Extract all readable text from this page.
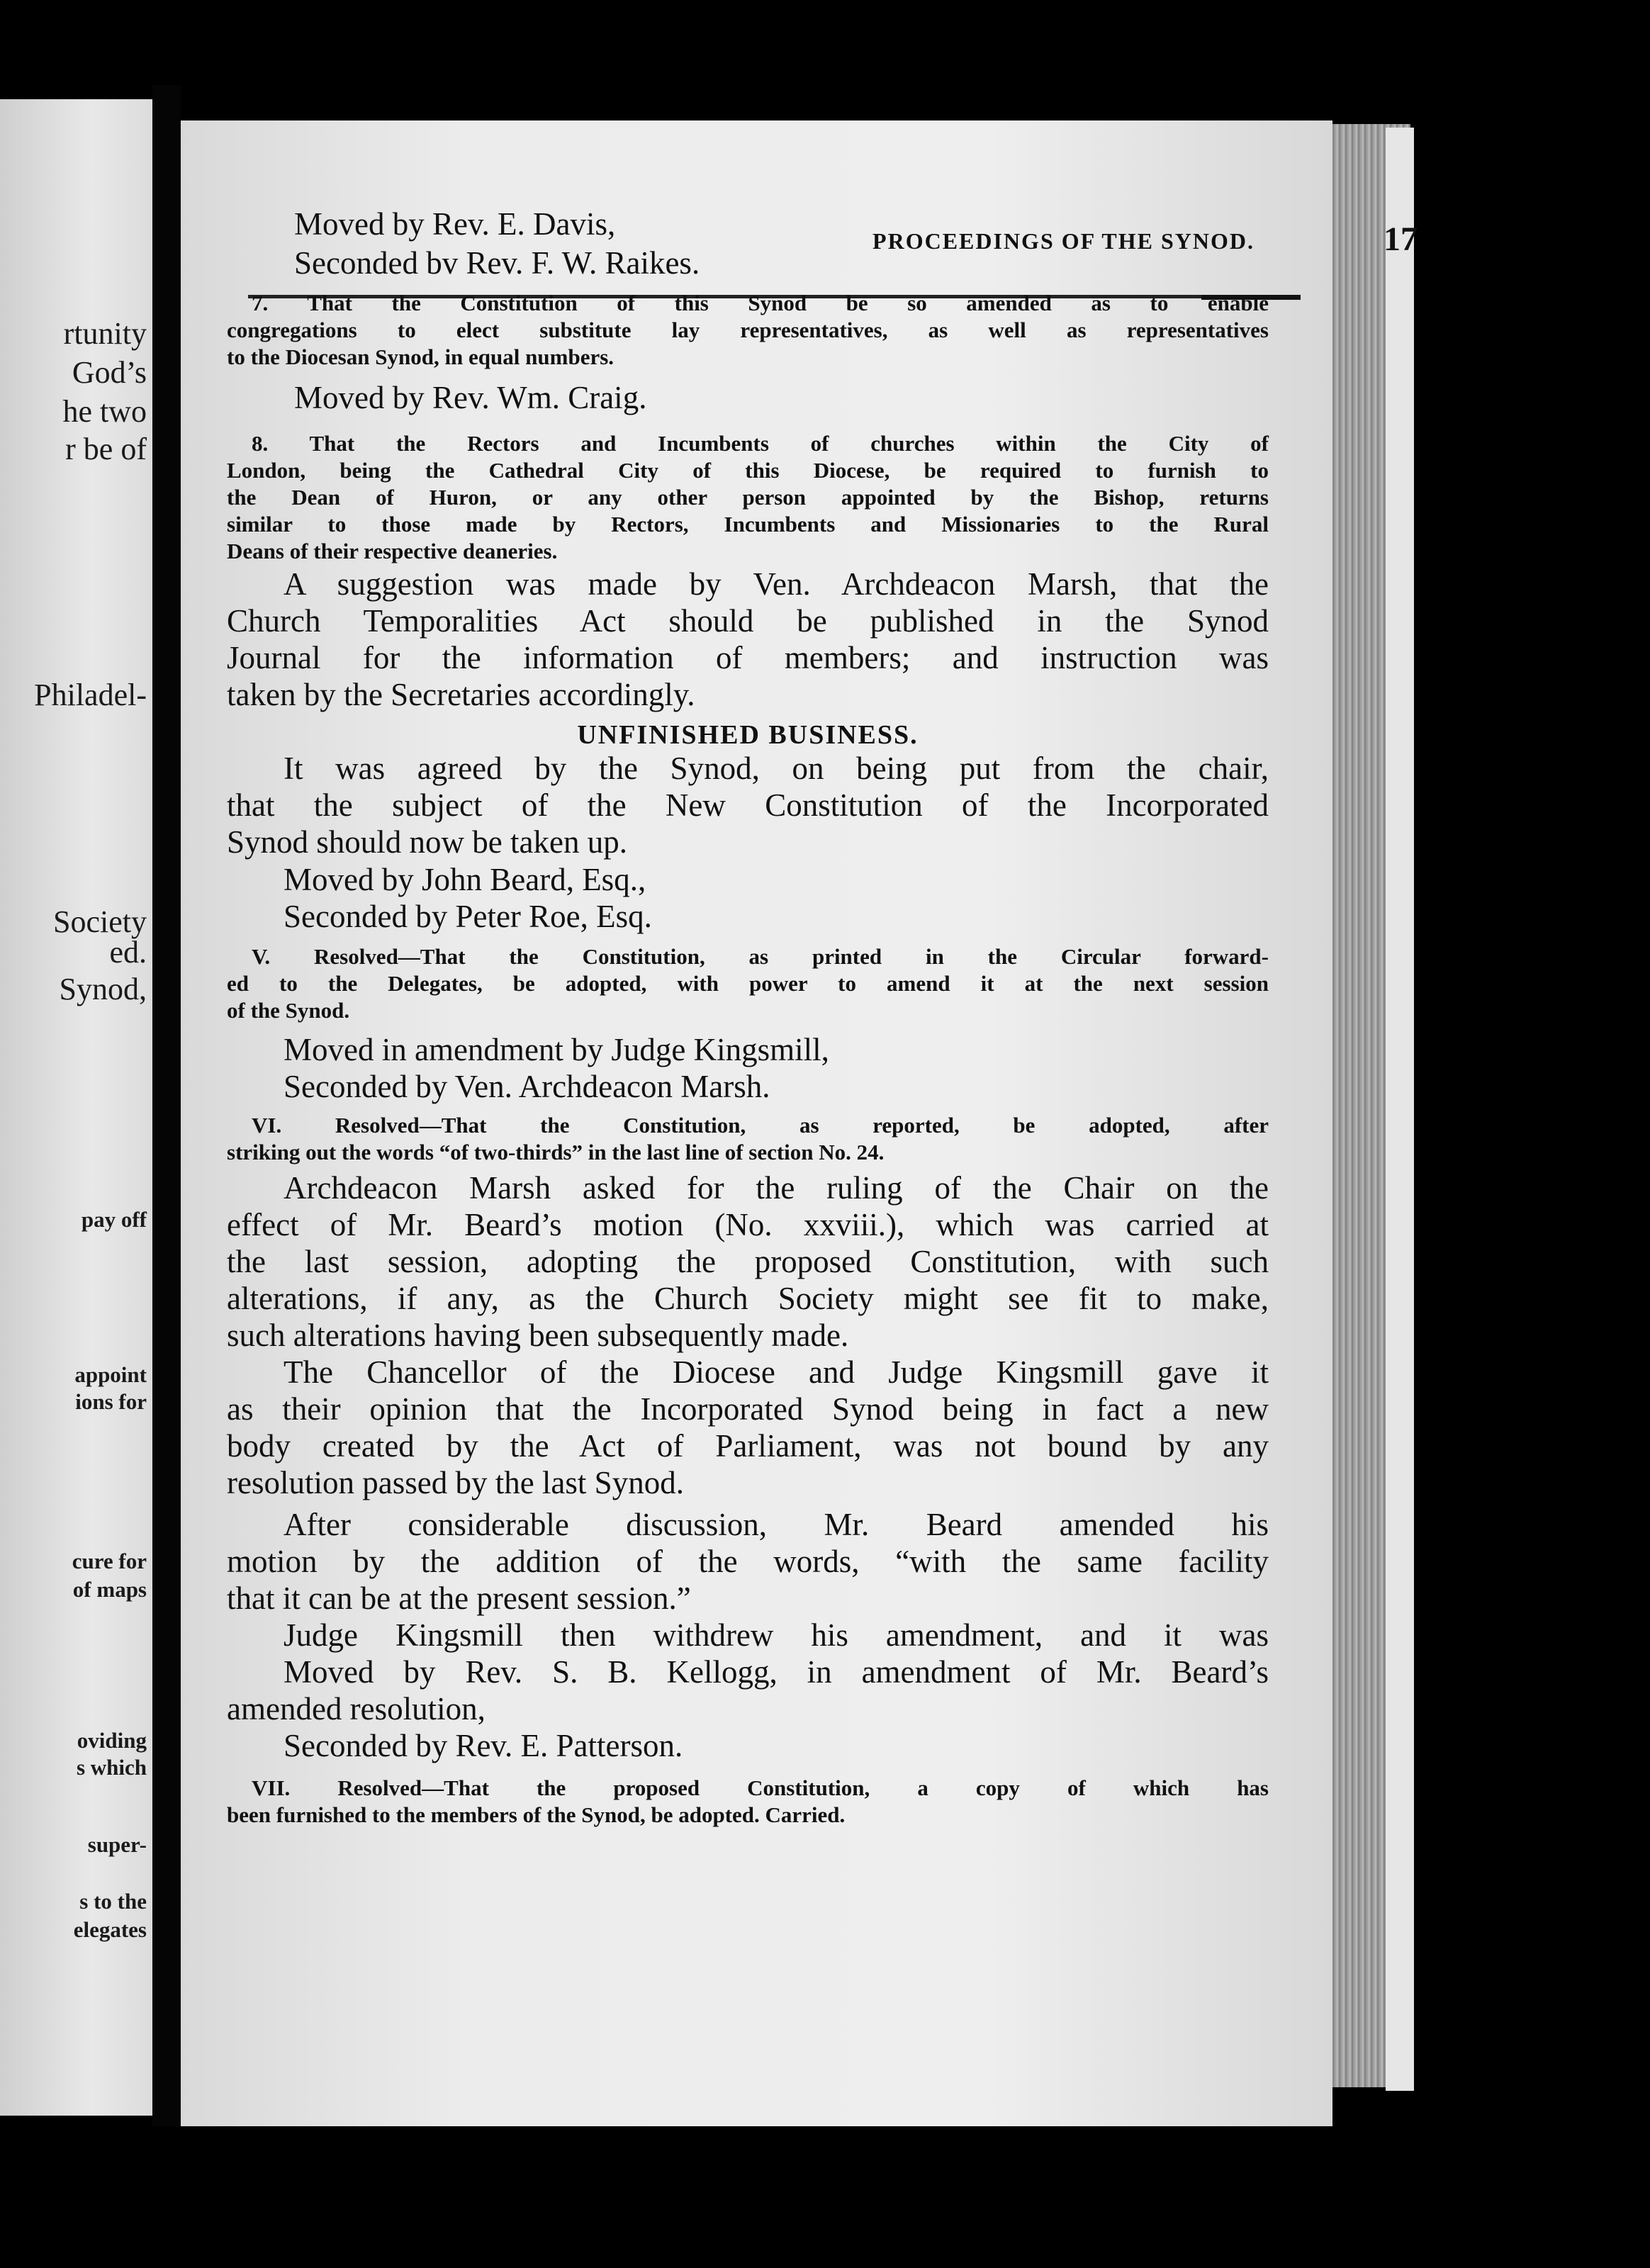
rtunity
God’s
he two
r be of
Philadel-
Society
ed.
Synod,
pay off
appoint
ions for
cure for
of maps
oviding
s which
super-
s to the
elegates
PROCEEDINGS OF THE SYNOD.	17
Moved by Rev. E. Davis,
Seconded bv Rev. F. W. Raikes.
7. That the Constitution of this Synod be so amended as to enable
congregations to elect substitute lay representatives, as well as representatives
to the Diocesan Synod, in equal numbers.
Moved by Rev. Wm. Craig.
8. That the Rectors and Incumbents of churches within the City of
London, being the Cathedral City of this Diocese, be required to furnish to
the Dean of Huron, or any other person appointed by the Bishop, returns
similar to those made by Rectors, Incumbents and Missionaries to the Rural
Deans of their respective deaneries.
A suggestion was made by Ven. Archdeacon Marsh, that the
Church Temporalities Act should be published in the Synod
Journal for the information of members; and instruction was
taken by the Secretaries accordingly.
UNFINISHED BUSINESS.
It was agreed by the Synod, on being put from the chair,
that the subject of the New Constitution of the Incorporated
Synod should now be taken up.
Moved by John Beard, Esq.,
Seconded by Peter Roe, Esq.
V. Resolved—That the Constitution, as printed in the Circular forward-
ed to the Delegates, be adopted, with power to amend it at the next session
of the Synod.
Moved in amendment by Judge Kingsmill,
Seconded by Ven. Archdeacon Marsh.
VI. Resolved—That the Constitution, as reported, be adopted, after
striking out the words “of two-thirds” in the last line of section No. 24.
Archdeacon Marsh asked for the ruling of the Chair on the
effect of Mr. Beard’s motion (No. xxviii.), which was carried at
the last session, adopting the proposed Constitution, with such
alterations, if any, as the Church Society might see fit to make,
such alterations having been subsequently made.
The Chancellor of the Diocese and Judge Kingsmill gave it
as their opinion that the Incorporated Synod being in fact a new
body created by the Act of Parliament, was not bound by any
resolution passed by the last Synod.
After considerable discussion, Mr. Beard amended his
motion by the addition of the words, “with the same facility
that it can be at the present session.”
Judge Kingsmill then withdrew his amendment, and it was
Moved by Rev. S. B. Kellogg, in amendment of Mr. Beard’s
amended resolution,
Seconded by Rev. E. Patterson.
VII. Resolved—That the proposed Constitution, a copy of which has
been furnished to the members of the Synod, be adopted. Carried.
